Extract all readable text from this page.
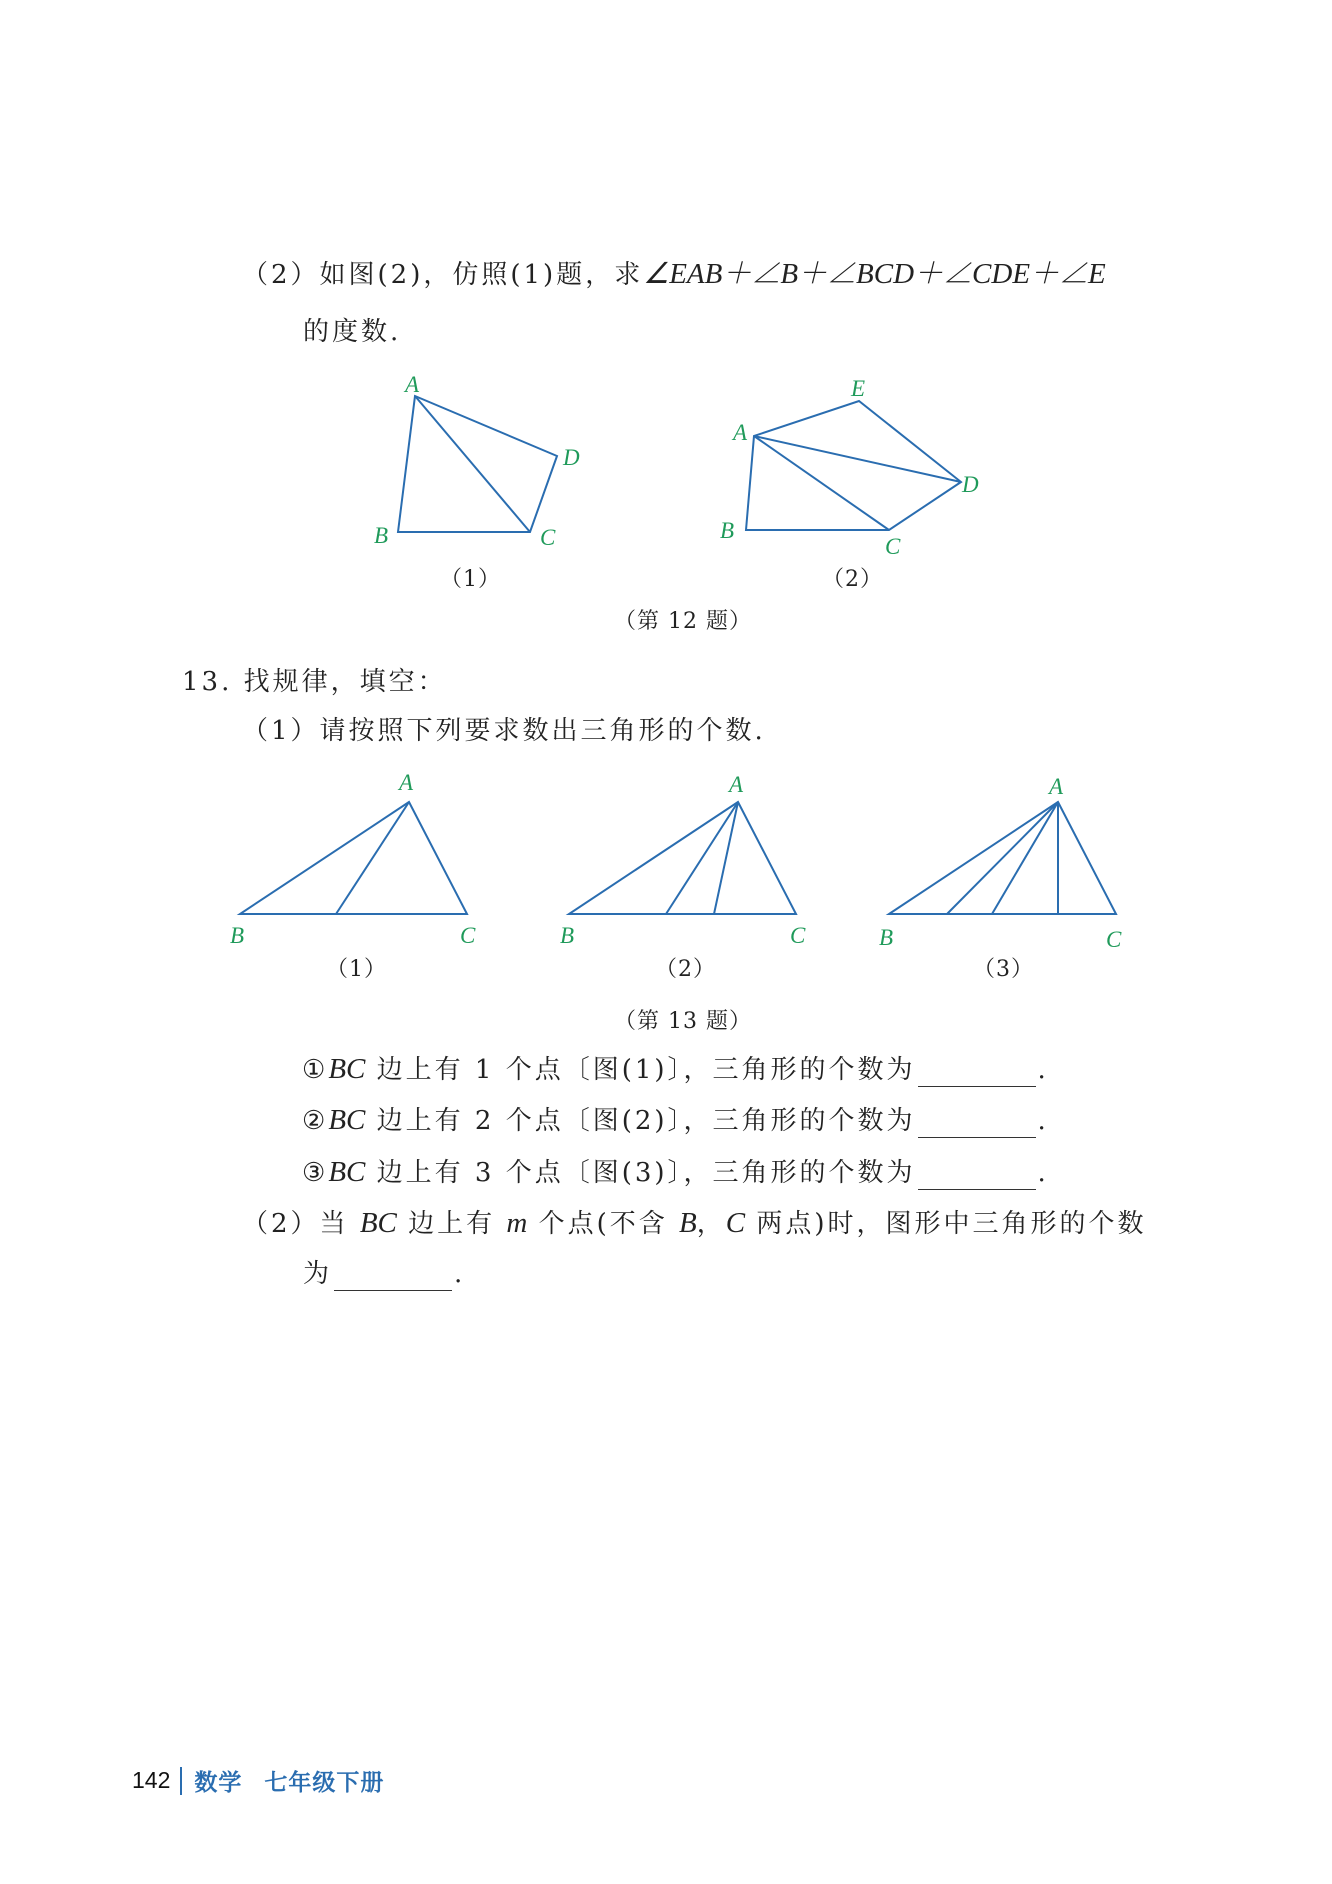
（2）如图(2)，仿照(1)题，求∠EAB＋∠B＋∠BCD＋∠CDE＋∠E
的度数.
A
B	C
D
A
B
C
D
E
A
B	C
A
B	C
A
B	C
（1）	（2）
（第 12 题）
13. 找规律，填空：
（1）请按照下列要求数出三角形的个数.
（1）	（2）	（3）
（第 13 题）
①BC 边上有 1 个点〔图(1)〕，三角形的个数为	.
②BC 边上有 2 个点〔图(2)〕，三角形的个数为	.
③BC 边上有 3 个点〔图(3)〕，三角形的个数为	.
（2）当 BC 边上有 m 个点(不含 B，C 两点)时，图形中三角形的个数
为	.
142 数学 七年级下册
